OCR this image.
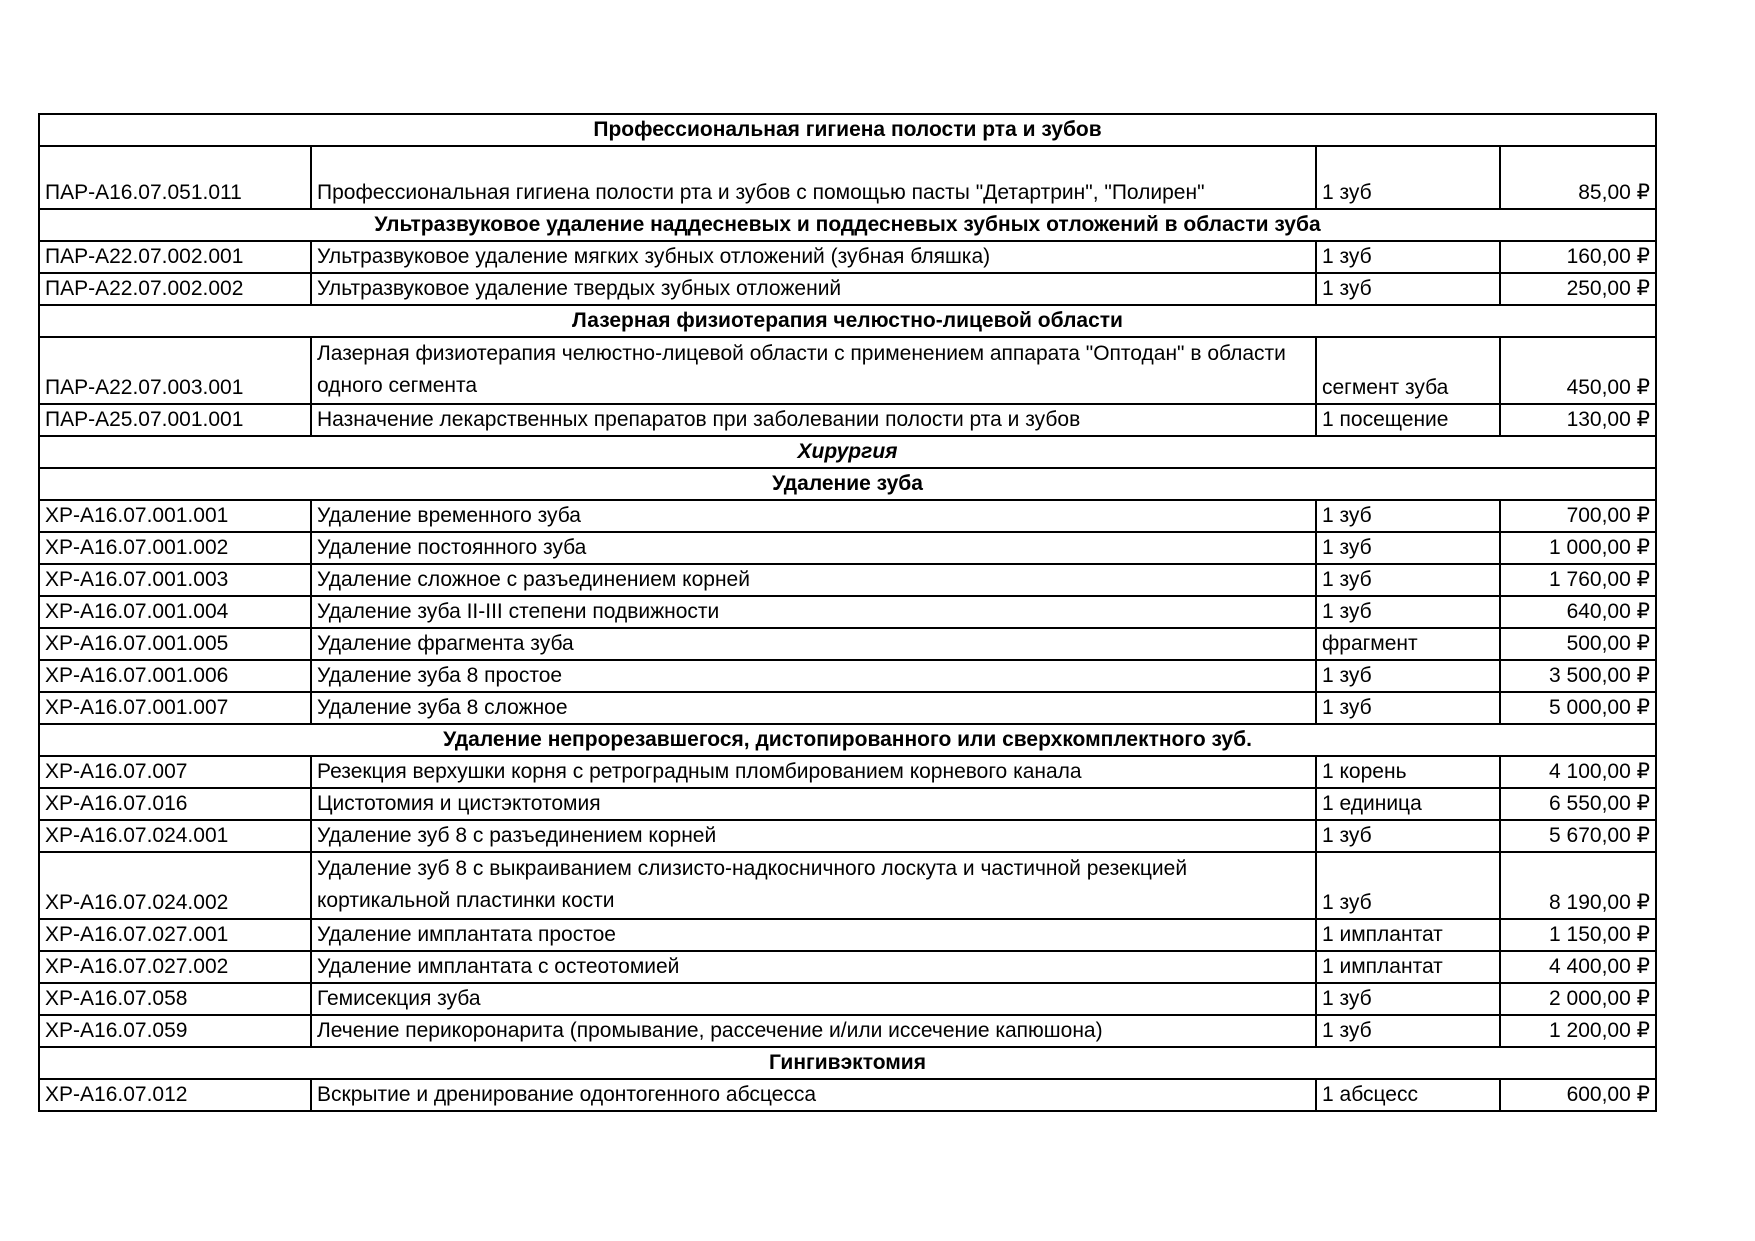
Профессиональная гигиена полости рта и зубов			
ПАР-А16.07.051.011	Профессиональная гигиена полости рта и зубов с помощью пасты "Детартрин", "Полирен"	1 зуб	85,00 ₽
Ультразвуковое удаление наддесневых и поддесневых зубных отложений в области зуба			
ПАР-А22.07.002.001	Ультразвуковое удаление мягких зубных отложений (зубная бляшка)	1 зуб	160,00 ₽
ПАР-А22.07.002.002	Ультразвуковое удаление твердых зубных отложений	1 зуб	250,00 ₽
Лазерная физиотерапия челюстно-лицевой области			
ПАР-А22.07.003.001	Лазерная физиотерапия челюстно-лицевой области с применением аппарата "Оптодан" в области одного сегмента	сегмент зуба	450,00 ₽
ПАР-А25.07.001.001	Назначение лекарственных препаратов при заболевании полости рта и зубов	1 посещение	130,00 ₽
Хирургия			
Удаление зуба			
ХР-А16.07.001.001	Удаление временного зуба	1 зуб	700,00 ₽
ХР-А16.07.001.002	Удаление постоянного зуба	1 зуб	1 000,00 ₽
ХР-А16.07.001.003	Удаление сложное с разъединением корней	1 зуб	1 760,00 ₽
ХР-А16.07.001.004	Удаление зуба II-III степени подвижности	1 зуб	640,00 ₽
ХР-А16.07.001.005	Удаление фрагмента зуба	фрагмент	500,00 ₽
ХР-А16.07.001.006	Удаление зуба 8 простое	1 зуб	3 500,00 ₽
ХР-А16.07.001.007	Удаление зуба 8 сложное	1 зуб	5 000,00 ₽
Удаление непрорезавшегося, дистопированного или сверхкомплектного зуб.			
ХР-А16.07.007	Резекция верхушки корня с ретроградным пломбированием корневого канала	1 корень	4 100,00 ₽
ХР-А16.07.016	Цистотомия и цистэктотомия	1 единица	6 550,00 ₽
ХР-А16.07.024.001	Удаление зуб 8 с разъединением корней	1 зуб	5 670,00 ₽
ХР-А16.07.024.002	Удаление зуб 8 с выкраиванием слизисто-надкосничного лоскута и частичной резекцией кортикальной пластинки кости	1 зуб	8 190,00 ₽
ХР-А16.07.027.001	Удаление имплантата простое	1 имплантат	1 150,00 ₽
ХР-А16.07.027.002	Удаление имплантата с остеотомией	1 имплантат	4 400,00 ₽
ХР-А16.07.058	Гемисекция зуба	1 зуб	2 000,00 ₽
ХР-А16.07.059	Лечение перикоронарита (промывание, рассечение и/или иссечение капюшона)	1 зуб	1 200,00 ₽
Гингивэктомия			
ХР-А16.07.012	Вскрытие и дренирование одонтогенного абсцесса	1 абсцесс	600,00 ₽
